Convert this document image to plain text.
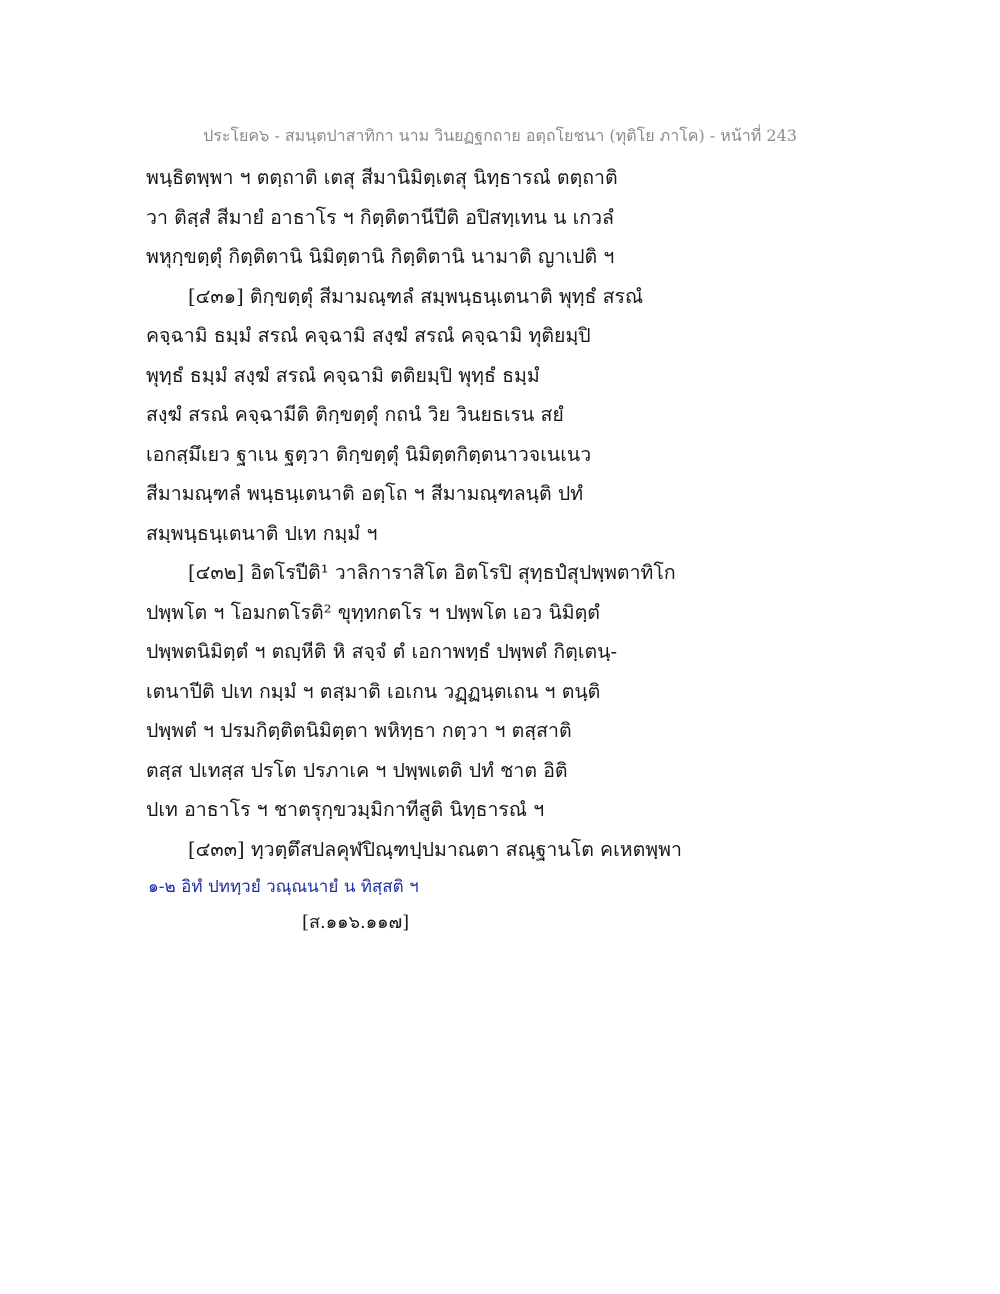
ประโยค๖ - สมนฺตปาสาทิกา นาม วินยฏฐกถาย อตฺถโยชนา (ทุติโย ภาโค) - หน้าที่ 243
พนฺธิตพฺพา ฯ ตตฺถาติ เตสุ สีมานิมิตฺเตสุ นิทฺธารณํ ตตฺถาติ
วา ติสฺสํ สีมายํ อาธาโร ฯ กิตฺติตานีปีติ อปิสทฺเทน น เกวลํ
พหุกฺขตฺตุํ กิตฺติตานิ นิมิตฺตานิ กิตฺติตานิ นามาติ ญาเปติ ฯ
[๔๓๑] ติกฺขตฺตุํ สีมามณฺฑลํ สมฺพนฺธนฺเตนาติ พุทฺธํ สรณํ
คจฺฉามิ ธมฺมํ สรณํ คจฺฉามิ สงฺฆํ สรณํ คจฺฉามิ ทุติยมฺปิ
พุทฺธํ ธมฺมํ สงฺฆํ สรณํ คจฺฉามิ ตติยมฺปิ พุทฺธํ ธมฺมํ
สงฺฆํ สรณํ คจฺฉามีติ ติกฺขตฺตุํ กถนํ วิย วินยธเรน สยํ
เอกสฺมึเยว ฐาเน ฐตฺวา ติกฺขตฺตุํ นิมิตฺตกิตฺตนาวจเนเนว
สีมามณฺฑลํ พนฺธนฺเตนาติ อตฺโถ ฯ สีมามณฺฑลนฺติ ปทํ
สมฺพนฺธนฺเตนาติ ปเท กมฺมํ ฯ
[๔๓๒] อิตโรปีติ¹ วาลิการาสิโต อิตโรปิ สุทฺธปํสุปพฺพตาทิโก
ปพฺพโต ฯ โอมกตโรติ² ขุทฺทกตโร ฯ ปพฺพโต เอว นิมิตฺตํ
ปพฺพตนิมิตฺตํ ฯ ตญฺหีติ หิ สจฺจํ ตํ เอกาพทฺธํ ปพฺพตํ กิตฺเตนฺ-
เตนาปีติ ปเท กมฺมํ ฯ ตสฺมาติ เอเกน วฏฺฏนฺตเถน ฯ ตนฺติ
ปพฺพตํ ฯ ปรมกิตฺติตนิมิตฺตา พหิทฺธา กตฺวา ฯ ตสฺสาติ
ตสฺส ปเทสฺส ปรโต ปรภาเค ฯ ปพฺพเตติ ปทํ ชาต อิติ
ปเท อาธาโร ฯ ชาตรุกฺขวมฺมิกาทีสูติ นิทฺธารณํ ฯ
[๔๓๓] ทฺวตฺตึสปลคุฬปิณฺฑปฺปมาณตา สณฺฐานโต คเหตพฺพา
๑-๒ อิทํ ปททฺวยํ วณฺณนายํ น ทิสฺสติ ฯ
[ส.๑๑๖.๑๑๗]
